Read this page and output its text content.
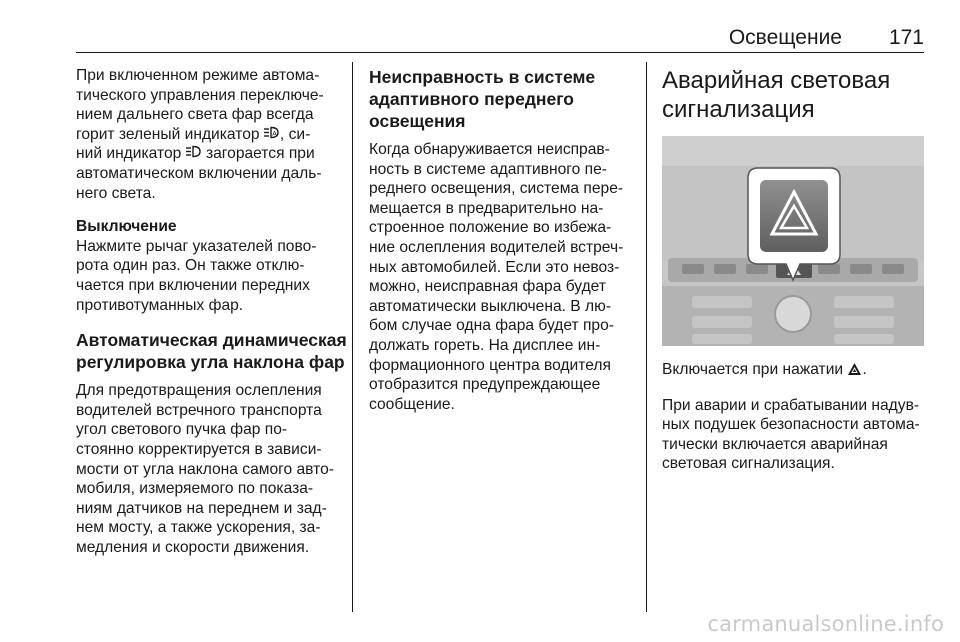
Освещение 171

При включенном режиме автома-
тического управления переключе-
нием дальнего света фар всегда
горит зеленый индикатор A , си-
ний индикатор  загорается при
автоматическом включении даль-
него света.

Выключение
Нажмите рычаг указателей пово-
рота один раз. Он также отклю-
чается при включении передних
противотуманных фар.

Автоматическая динамическая
регулировка угла наклона фар

Для предотвращения ослепления
водителей встречного транспорта
угол светового пучка фар по-
стоянно корректируется в зависи-
мости от угла наклона самого авто-
мобиля, измеряемого по показа-
ниям датчиков на переднем и зад-
нем мосту, а также ускорения, за-
медления и скорости движения.

Неисправность в системе
адаптивного переднего
освещения

Когда обнаруживается неисправ-
ность в системе адаптивного пе-
реднего освещения, система пере-
мещается в предварительно на-
строенное положение во избежа-
ние ослепления водителей встреч-
ных автомобилей. Если это невоз-
можно, неисправная фара будет
автоматически выключена. В лю-
бом случае одна фара будет про-
должать гореть. На дисплее ин-
формационного центра водителя
отобразится предупреждающее
сообщение.

Аварийная световая
сигнализация

Включается при нажатии .

При аварии и срабатывании надув-
ных подушек безопасности автома-
тически включается аварийная
световая сигнализация.

carmanualsonline.info
